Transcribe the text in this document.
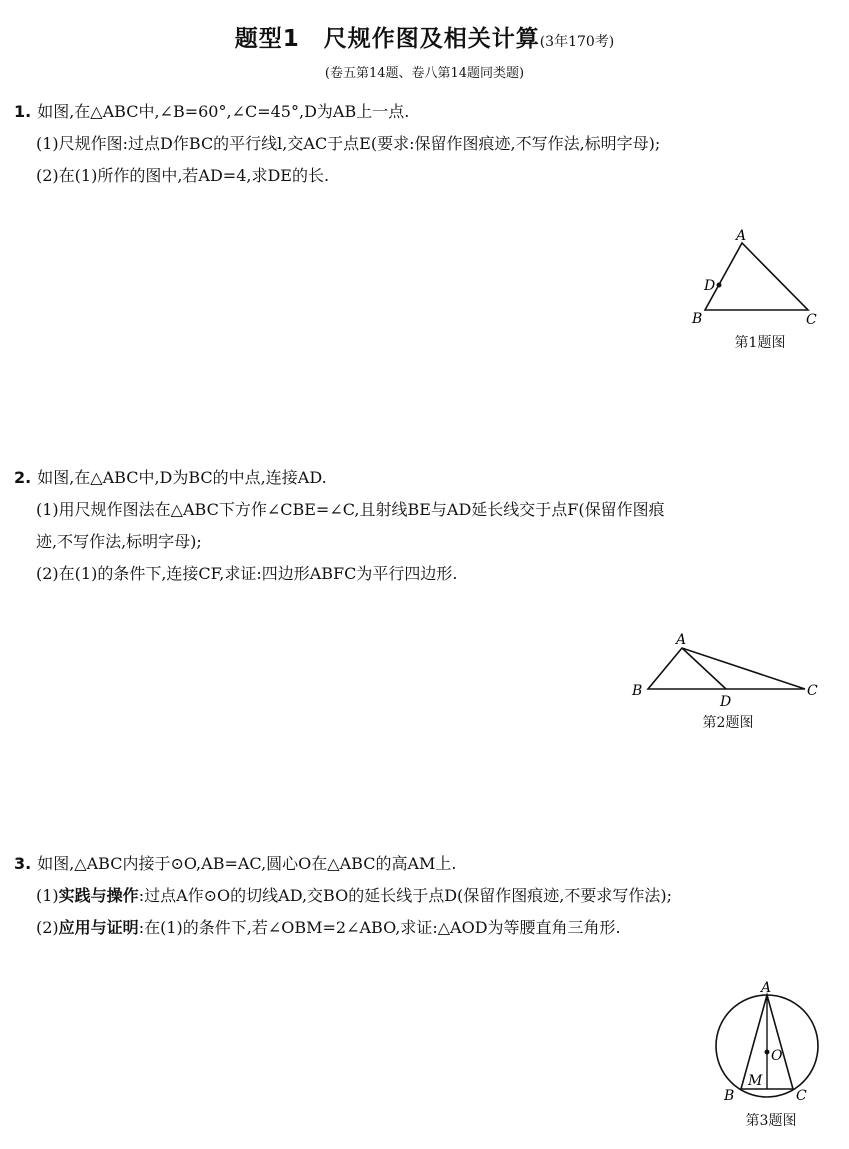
题型1　尺规作图及相关计算(3年170考)
(卷五第14题、卷八第14题同类题)
1. 如图,在△ABC中,∠B=60°,∠C=45°,D为AB上一点.
(1)尺规作图:过点D作BC的平行线l,交AC于点E(要求:保留作图痕迹,不写作法,标明字母);
(2)在(1)所作的图中,若AD=4,求DE的长.
A
B	C
D
第1题图
2. 如图,在△ABC中,D为BC的中点,连接AD.
(1)用尺规作图法在△ABC下方作∠CBE=∠C,且射线BE与AD延长线交于点F(保留作图痕
迹,不写作法,标明字母);
(2)在(1)的条件下,连接CF,求证:四边形ABFC为平行四边形.
A
B	C
D
第2题图
3. 如图,△ABC内接于⊙O,AB=AC,圆心O在△ABC的高AM上.
(1)实践与操作:过点A作⊙O的切线AD,交BO的延长线于点D(保留作图痕迹,不要求写作法);
(2)应用与证明:在(1)的条件下,若∠OBM=2∠ABO,求证:△AOD为等腰直角三角形.
A
B	C
O
M
第3题图
